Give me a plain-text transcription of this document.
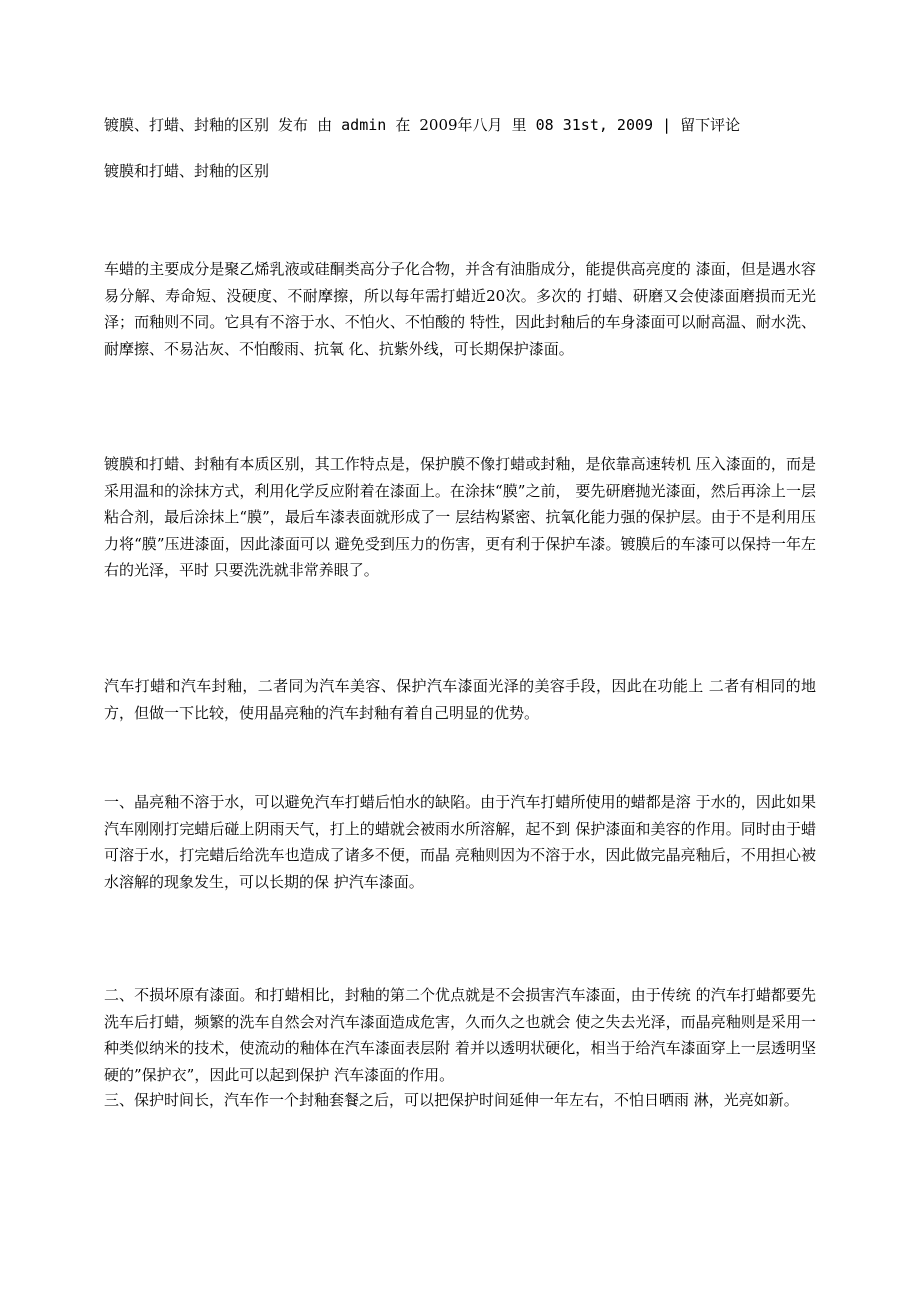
镀膜、打蜡、封釉的区别 发布 由 admin 在 2009年八月 里 08 31st, 2009 | 留下评论
镀膜和打蜡、封釉的区别

车蜡的主要成分是聚乙烯乳液或硅酮类高分子化合物，并含有油脂成分，能提供高亮度的 漆面，但是遇水容易分解、寿命短、没硬度、不耐摩擦，所以每年需打蜡近20次。多次的 打蜡、研磨又会使漆面磨损而无光泽；而釉则不同。它具有不溶于水、不怕火、不怕酸的 特性，因此封釉后的车身漆面可以耐高温、耐水洗、耐摩擦、不易沾灰、不怕酸雨、抗氧 化、抗紫外线，可长期保护漆面。

镀膜和打蜡、封釉有本质区别，其工作特点是，保护膜不像打蜡或封釉，是依靠高速转机 压入漆面的，而是采用温和的涂抹方式，利用化学反应附着在漆面上。在涂抹“膜”之前， 要先研磨抛光漆面，然后再涂上一层粘合剂，最后涂抹上“膜”，最后车漆表面就形成了一 层结构紧密、抗氧化能力强的保护层。由于不是利用压力将“膜”压进漆面，因此漆面可以 避免受到压力的伤害，更有利于保护车漆。镀膜后的车漆可以保持一年左右的光泽，平时 只要洗洗就非常养眼了。

汽车打蜡和汽车封釉，二者同为汽车美容、保护汽车漆面光泽的美容手段，因此在功能上 二者有相同的地方，但做一下比较，使用晶亮釉的汽车封釉有着自己明显的优势。

一、晶亮釉不溶于水，可以避免汽车打蜡后怕水的缺陷。由于汽车打蜡所使用的蜡都是溶 于水的，因此如果汽车刚刚打完蜡后碰上阴雨天气，打上的蜡就会被雨水所溶解，起不到 保护漆面和美容的作用。同时由于蜡可溶于水，打完蜡后给洗车也造成了诸多不便，而晶 亮釉则因为不溶于水，因此做完晶亮釉后，不用担心被水溶解的现象发生，可以长期的保 护汽车漆面。

二、不损坏原有漆面。和打蜡相比，封釉的第二个优点就是不会损害汽车漆面，由于传统 的汽车打蜡都要先洗车后打蜡，频繁的洗车自然会对汽车漆面造成危害，久而久之也就会 使之失去光泽，而晶亮釉则是采用一种类似纳米的技术，使流动的釉体在汽车漆面表层附 着并以透明状硬化，相当于给汽车漆面穿上一层透明坚硬的”保护衣”，因此可以起到保护 汽车漆面的作用。

三、保护时间长，汽车作一个封釉套餐之后，可以把保护时间延伸一年左右，不怕日晒雨 淋，光亮如新。
